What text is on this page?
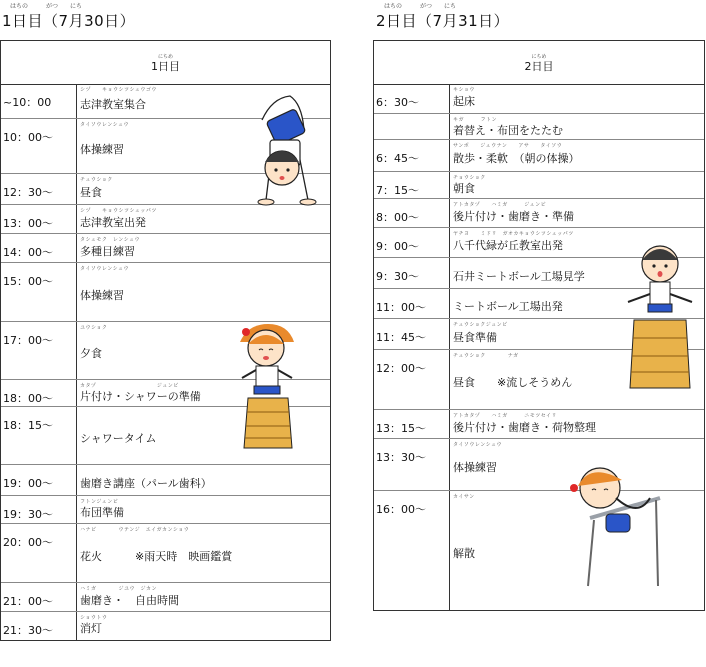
はちの　　　がつ　　にち
1日目（7月30日）
はちの　　　がつ　　にち
2日目（7月31日）
にちめ
1日目
~10：00
シヅ　　キョウシツシュウゴウ
志津教室集合
10：00～
タイソウレンシュウ
体操練習
12：30～
チュウショク
昼食
13：00～
シヅ　　キョウシツシュッパツ
志津教室出発
14：00～
タシュモク　レンシュウ
多種目練習
15：00～
タイソウレンシュウ
体操練習
17：00～
ユウショク
夕食
18：00～
カタヅ　　　　　　　　　　　ジュンビ
片付け・シャワーの準備
18：15～
シャワータイム
19：00～ 歯磨き講座（パール歯科）
19：30～
フトンジュンビ
布団準備
20：00～
ハナビ　　　　ウテンジ　エイガカンショウ
花火　　　※雨天時　映画鑑賞
21：00～
ハミガ　　　　ジユウ　ジカン
歯磨き・　自由時間
21：30～
ショウトウ
消灯
にちめ
2日目
6：30～
キショウ
起床
キガ　　　フトン
着替え・布団をたたむ
6：45～
サンポ　　ジュウナン　　アサ　　タイソウ
散歩・柔軟　（朝の体操）
7：15～
チョウショク
朝食
8：00～
アトカタヅ　　ハミガ　　　ジュンビ
後片付け・歯磨き・準備
9：00～
ヤチヨ　　ミドリ　ガオカキョウシツシュッパツ
八千代緑が丘教室出発
9：30～	石井ミートボール工場見学
11：00～ ミートボール工場出発
11：45～
チュウショクジュンビ
昼食準備
12：00～
チュウショク　　　　ナガ
昼食　　※流しそうめん
13：15～
アトカタヅ　　ハミガ　　　ニモツセイリ
後片付け・歯磨き・荷物整理
13：30～
タイソウレンシュウ
体操練習
16：00～
カイサン
解散
